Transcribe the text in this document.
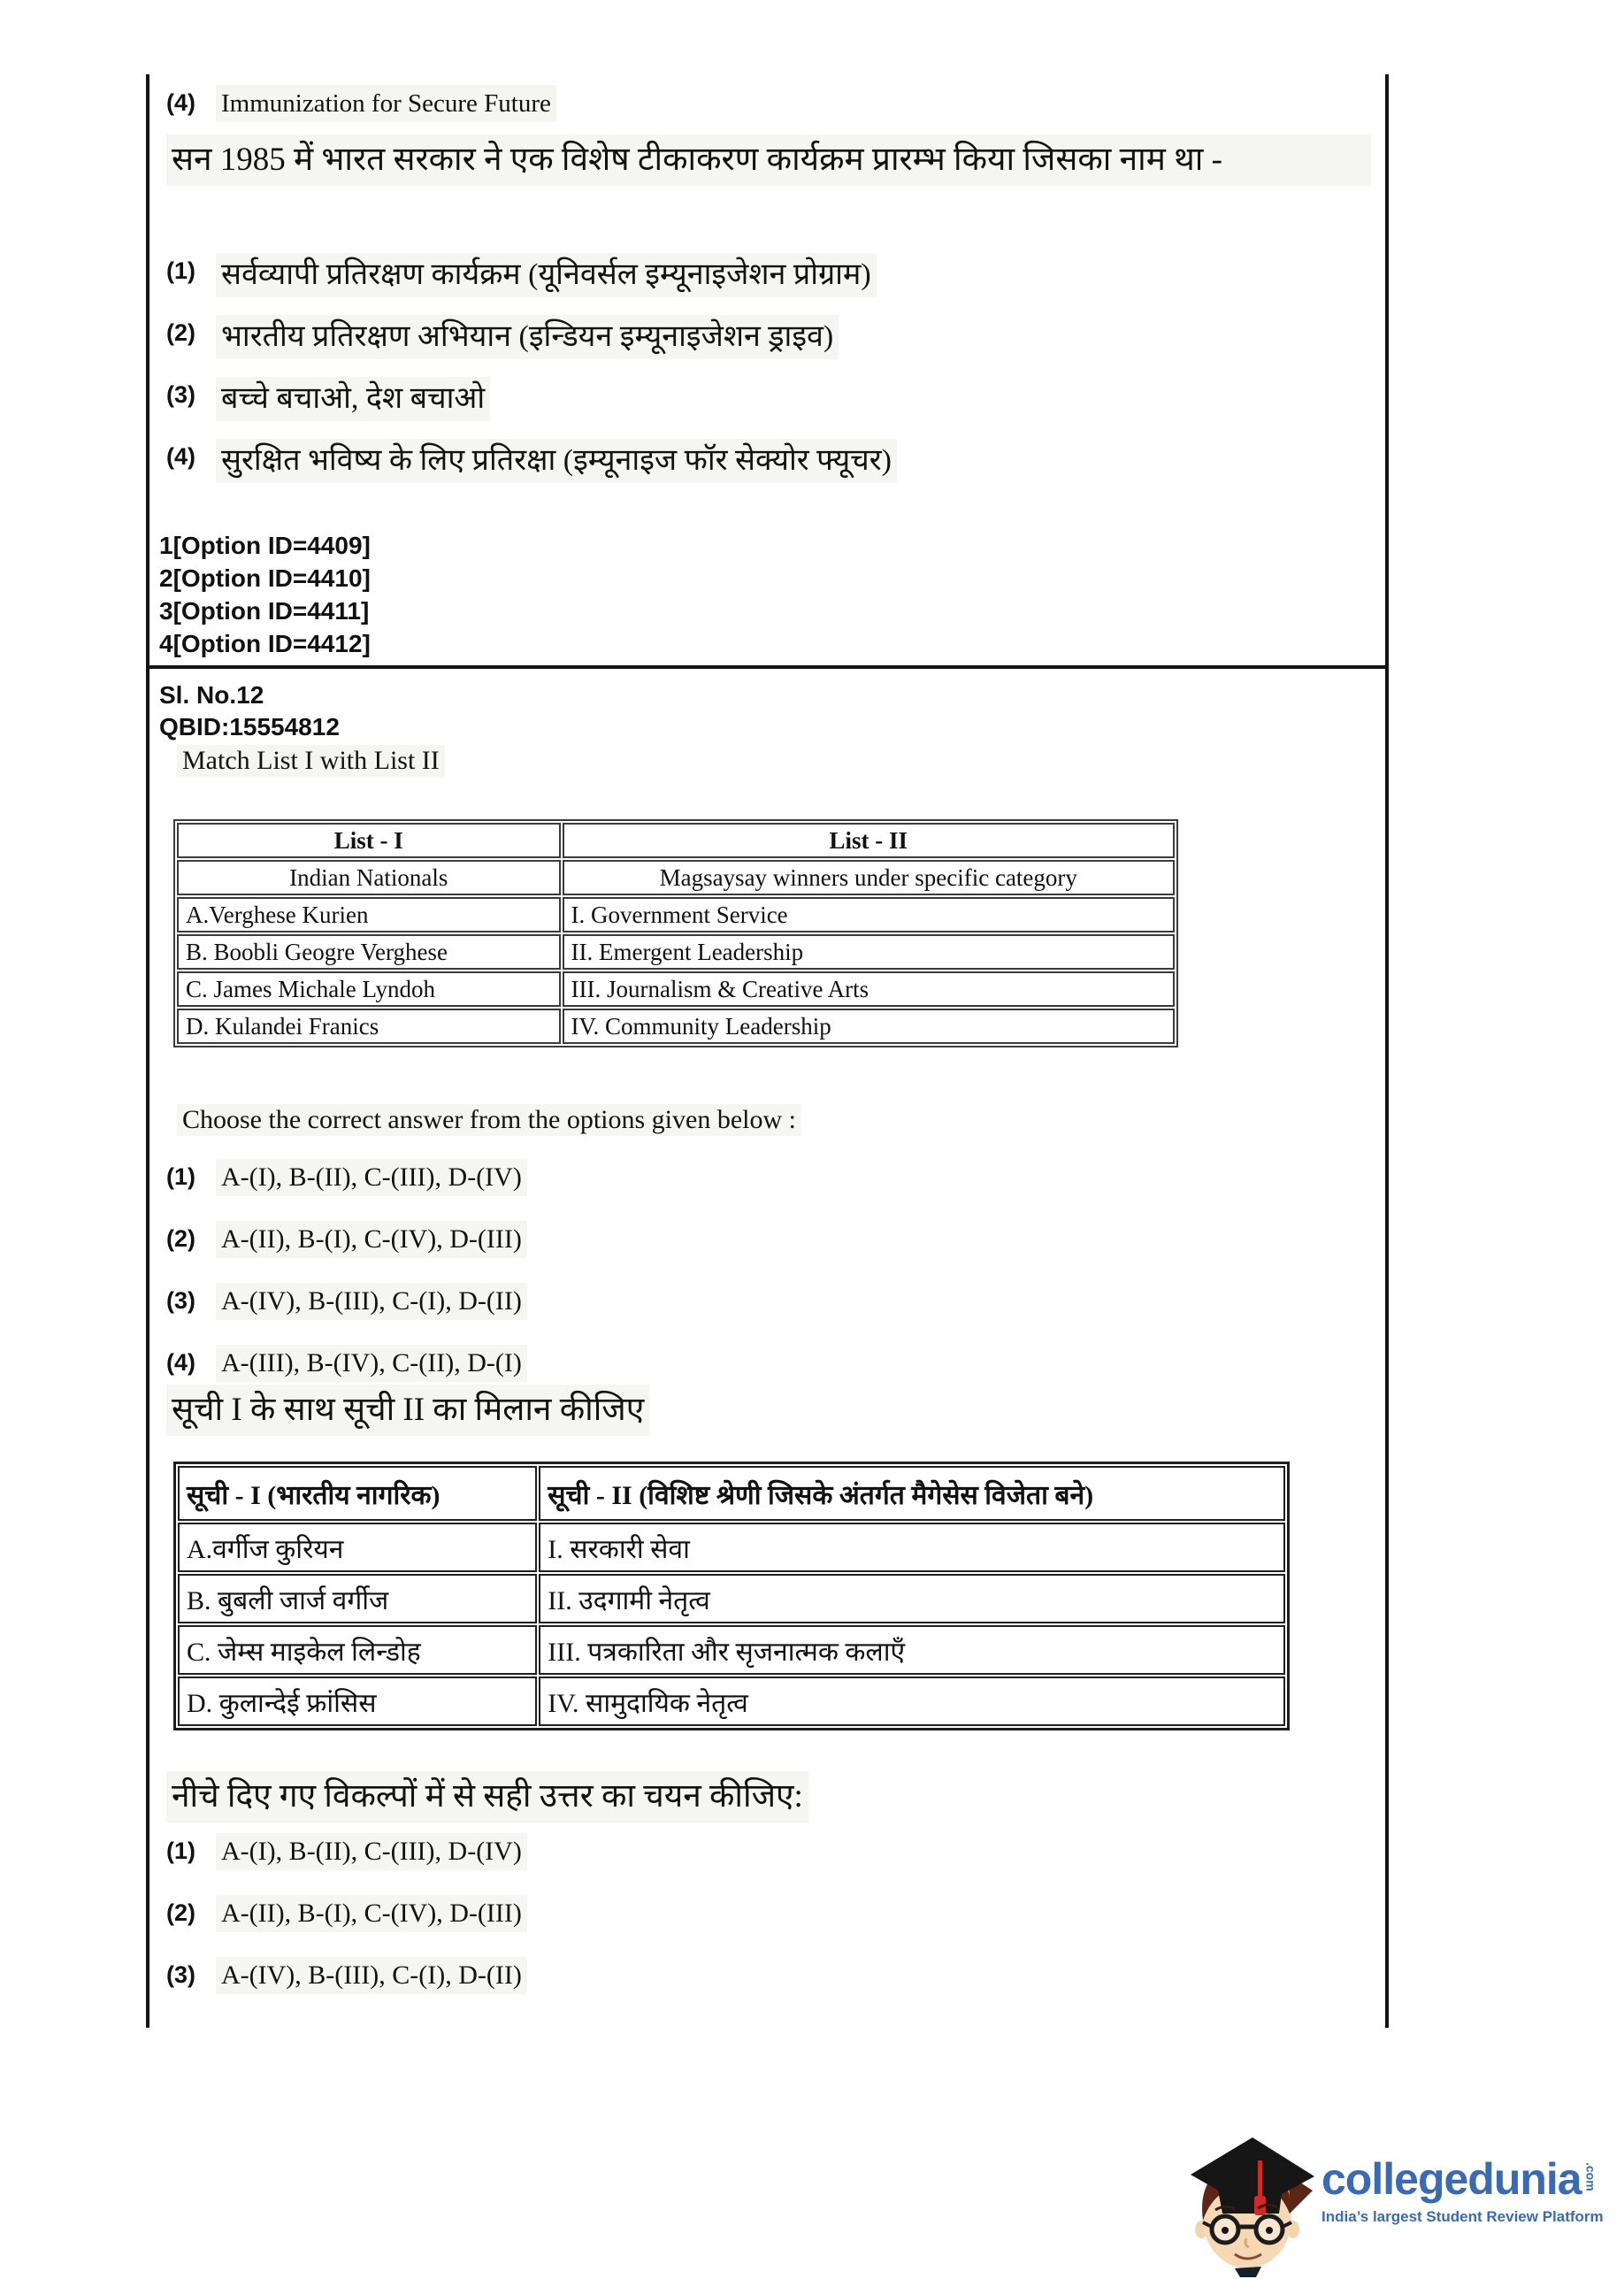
(4)	Immunization for Secure Future
सन 1985 में भारत सरकार ने एक विशेष टीकाकरण कार्यक्रम प्रारम्भ किया जिसका नाम था -
(1) सर्वव्यापी प्रतिरक्षण कार्यक्रम (यूनिवर्सल इम्यूनाइजेशन प्रोग्राम)
(2) भारतीय प्रतिरक्षण अभियान (इन्डियन इम्यूनाइजेशन ड्राइव)
(3) बच्चे बचाओ, देश बचाओ
(4) सुरक्षित भविष्य के लिए प्रतिरक्षा (इम्यूनाइज फॉर सेक्योर फ्यूचर)
1[Option ID=4409]
2[Option ID=4410]
3[Option ID=4411]
4[Option ID=4412]
Sl. No.12
QBID:15554812
Match List I with List II
List - I	List - II
Indian Nationals	Magsaysay winners under specific category
A.Verghese Kurien	I. Government Service
B. Boobli Geogre Verghese	II. Emergent Leadership
C. James Michale Lyndoh	III. Journalism & Creative Arts
D. Kulandei Franics	IV. Community Leadership
Choose the correct answer from the options given below :
(1) A-(I), B-(II), C-(III), D-(IV)
(2) A-(II), B-(I), C-(IV), D-(III)
(3) A-(IV), B-(III), C-(I), D-(II)
(4) A-(III), B-(IV), C-(II), D-(I)
सूची I के साथ सूची II का मिलान कीजिए
सूची - I (भारतीय नागरिक)	सूची - II (विशिष्ट श्रेणी जिसके अंतर्गत मैगेसेस विजेता बने)
A.वर्गीज कुरियन	I. सरकारी सेवा
B. बुबली जार्ज वर्गीज	II. उदगामी नेतृत्व
C. जेम्स माइकेल लिन्डोह	III. पत्रकारिता और सृजनात्मक कलाएँ
D. कुलान्देई फ्रांसिस	IV. सामुदायिक नेतृत्व
नीचे दिए गए विकल्पों में से सही उत्तर का चयन कीजिए:
(1) A-(I), B-(II), C-(III), D-(IV)
(2) A-(II), B-(I), C-(IV), D-(III)
(3) A-(IV), B-(III), C-(I), D-(II)
collegedunia .com
India’s largest Student Review Platform
